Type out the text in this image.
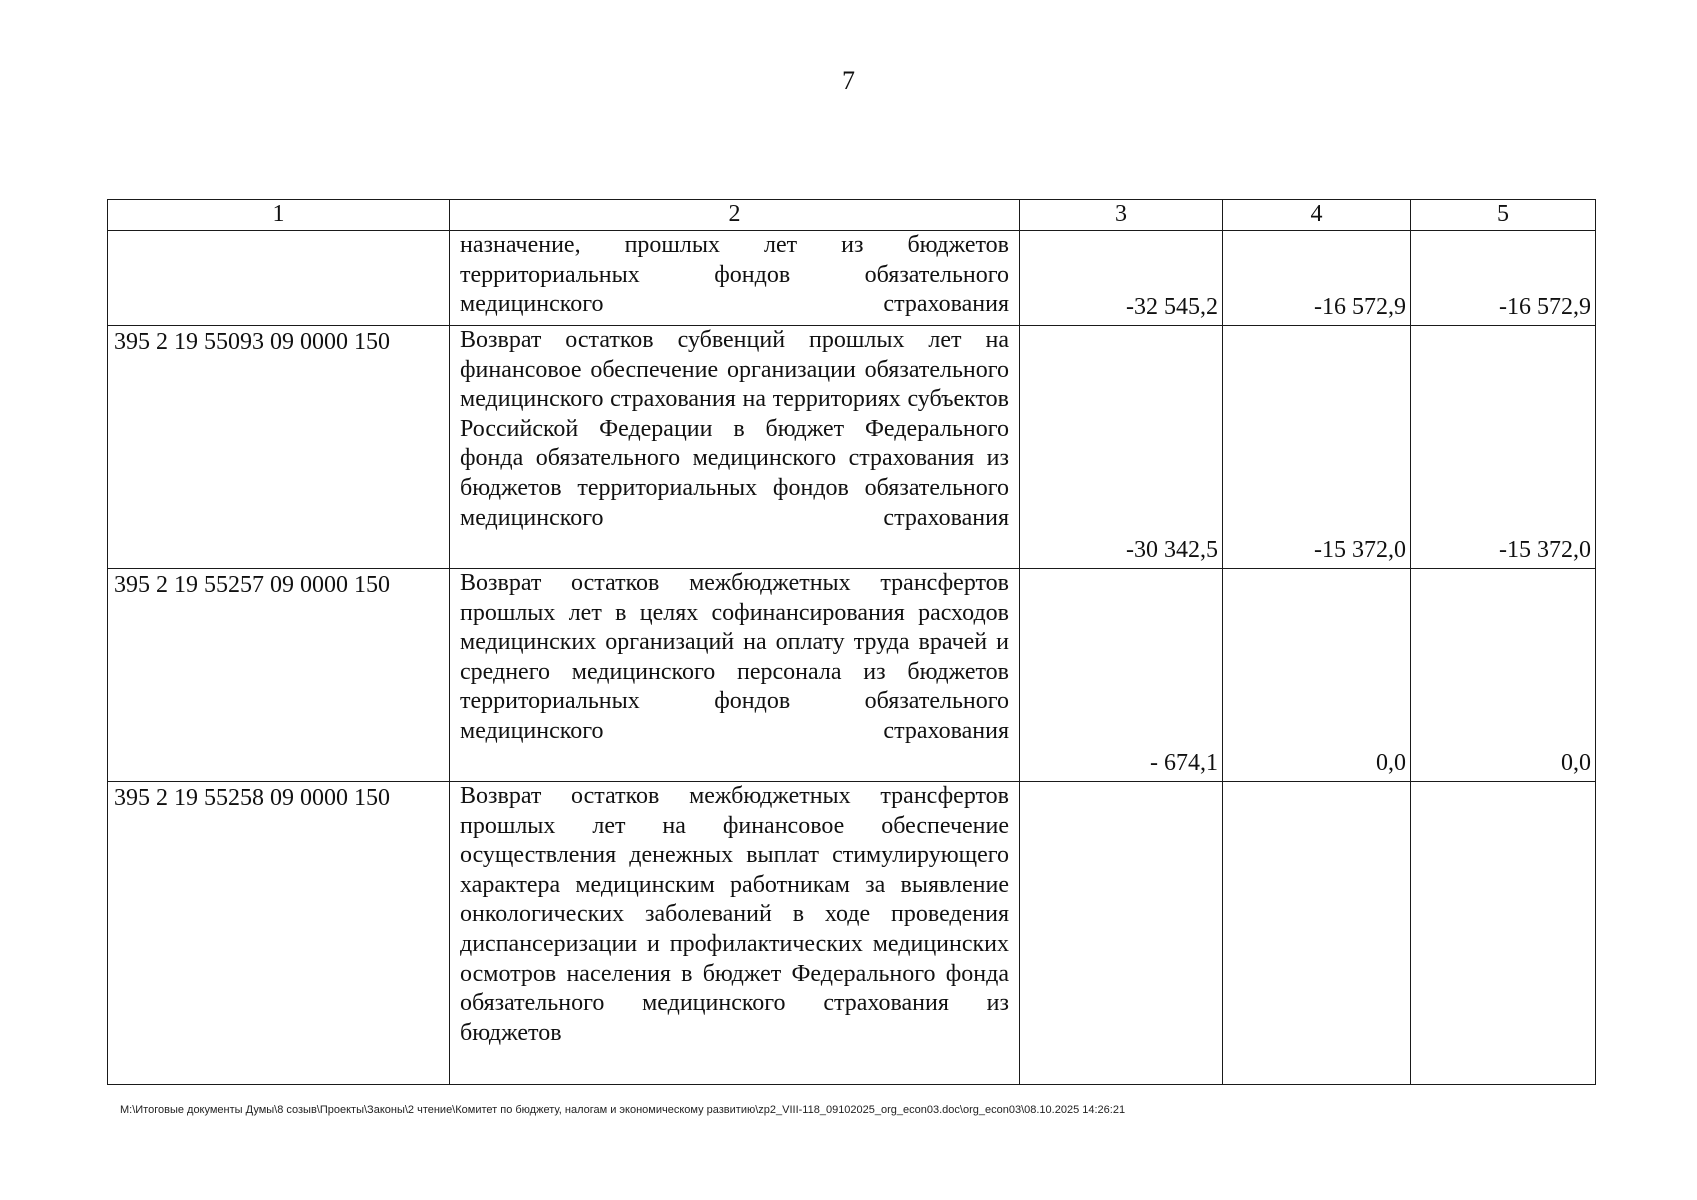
7
1	2	3	4	5
	назначение, прошлых лет из бюджетов территориальных фондов обязательного медицинского страхования	-32 545,2	-16 572,9	-16 572,9
395 2 19 55093 09 0000 150	Возврат остатков субвенций прошлых лет на финансовое обеспечение организации обязательного медицинского страхования на территориях субъектов Российской Федерации в бюджет Федерального фонда обязательного медицинского страхования из бюджетов территориальных фондов обязательного медицинского страхования	-30 342,5	-15 372,0	-15 372,0
395 2 19 55257 09 0000 150	Возврат остатков межбюджетных трансфертов прошлых лет в целях софинансирования расходов медицинских организаций на оплату труда врачей и среднего медицинского персонала из бюджетов территориальных фондов обязательного медицинского страхования	- 674,1	0,0	0,0
395 2 19 55258 09 0000 150	Возврат остатков межбюджетных трансфертов прошлых лет на финансовое обеспечение осуществления денежных выплат стимулирующего характера медицинским работникам за выявление онкологических заболеваний в ходе проведения диспансеризации и профилактических медицинских осмотров населения в бюджет Федерального фонда обязательного медицинского страхования из бюджетов			
M:\Итоговые документы Думы\8 созыв\Проекты\Законы\2 чтение\Комитет по бюджету, налогам и экономическому развитию\zp2_VIII-118_09102025_org_econ03.doc\org_econ03\08.10.2025 14:26:21
